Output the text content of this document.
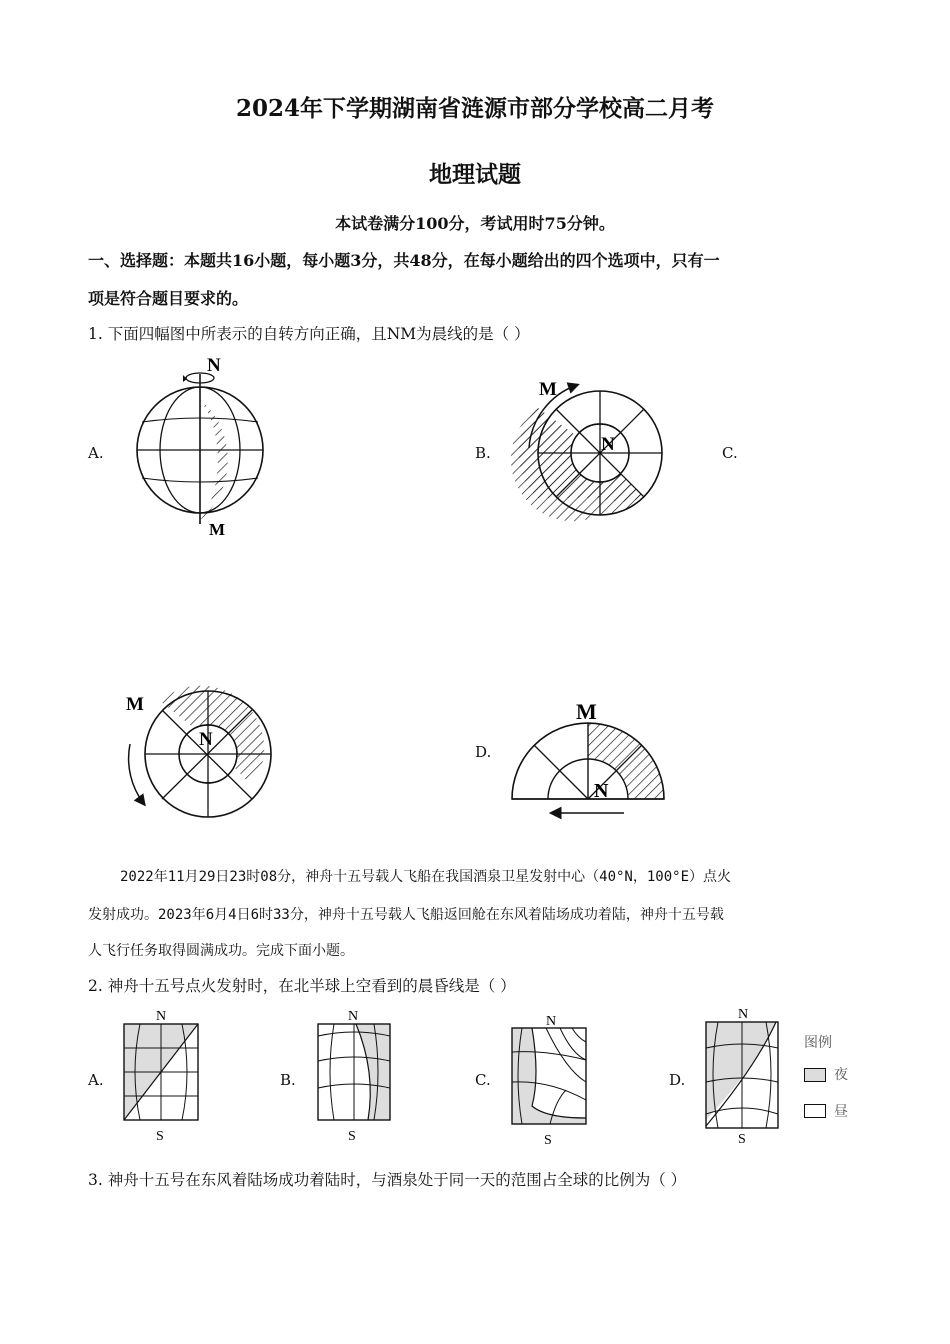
2024年下学期湖南省涟源市部分学校高二月考
地理试题
本试卷满分100分，考试用时75分钟。
一、选择题：本题共16小题，每小题3分，共48分，在每小题给出的四个选项中，只有一
项是符合题目要求的。
1. 下面四幅图中所表示的自转方向正确，且NM为晨线的是（ ）
A.	B.	C.
D.
N
M
M
N
M
N
M
N
2022年11月29日23时08分，神舟十五号载人飞船在我国酒泉卫星发射中心（40°N，100°E）点火
发射成功。2023年6月4日6时33分，神舟十五号载人飞船返回舱在东风着陆场成功着陆，神舟十五号载
人飞行任务取得圆满成功。完成下面小题。
2. 神舟十五号点火发射时，在北半球上空看到的晨昏线是（ ）
A.	B.	C.	D.
N
S
N
S
N
S
N
S
图例
夜
昼
3. 神舟十五号在东风着陆场成功着陆时，与酒泉处于同一天的范围占全球的比例为（ ）
